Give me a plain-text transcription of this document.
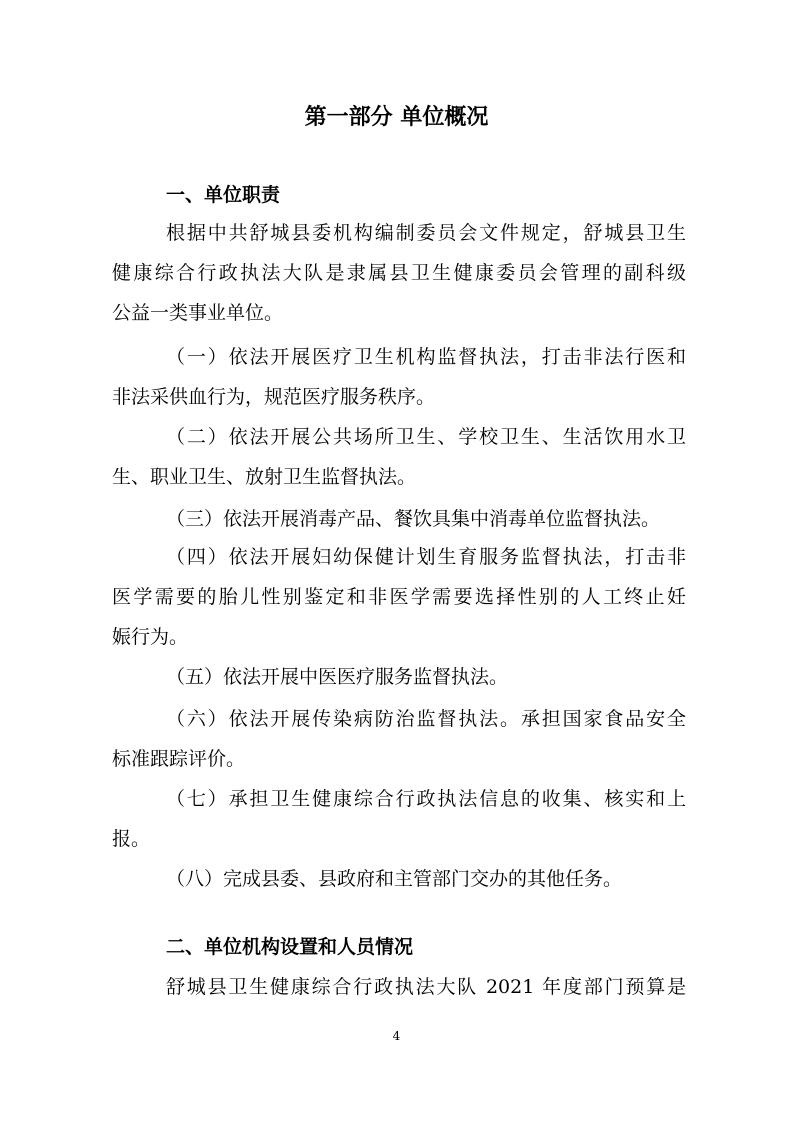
第一部分 单位概况
一、单位职责
根据中共舒城县委机构编制委员会文件规定，舒城县卫生
健康综合行政执法大队是隶属县卫生健康委员会管理的副科级
公益一类事业单位。
（一）依法开展医疗卫生机构监督执法，打击非法行医和
非法采供血行为，规范医疗服务秩序。
（二）依法开展公共场所卫生、学校卫生、生活饮用水卫
生、职业卫生、放射卫生监督执法。
（三）依法开展消毒产品、餐饮具集中消毒单位监督执法。
（四）依法开展妇幼保健计划生育服务监督执法，打击非
医学需要的胎儿性别鉴定和非医学需要选择性别的人工终止妊
娠行为。
（五）依法开展中医医疗服务监督执法。
（六）依法开展传染病防治监督执法。承担国家食品安全
标准跟踪评价。
（七）承担卫生健康综合行政执法信息的收集、核实和上
报。
（八）完成县委、县政府和主管部门交办的其他任务。
二、单位机构设置和人员情况
舒城县卫生健康综合行政执法大队 2021 年度部门预算是
4
